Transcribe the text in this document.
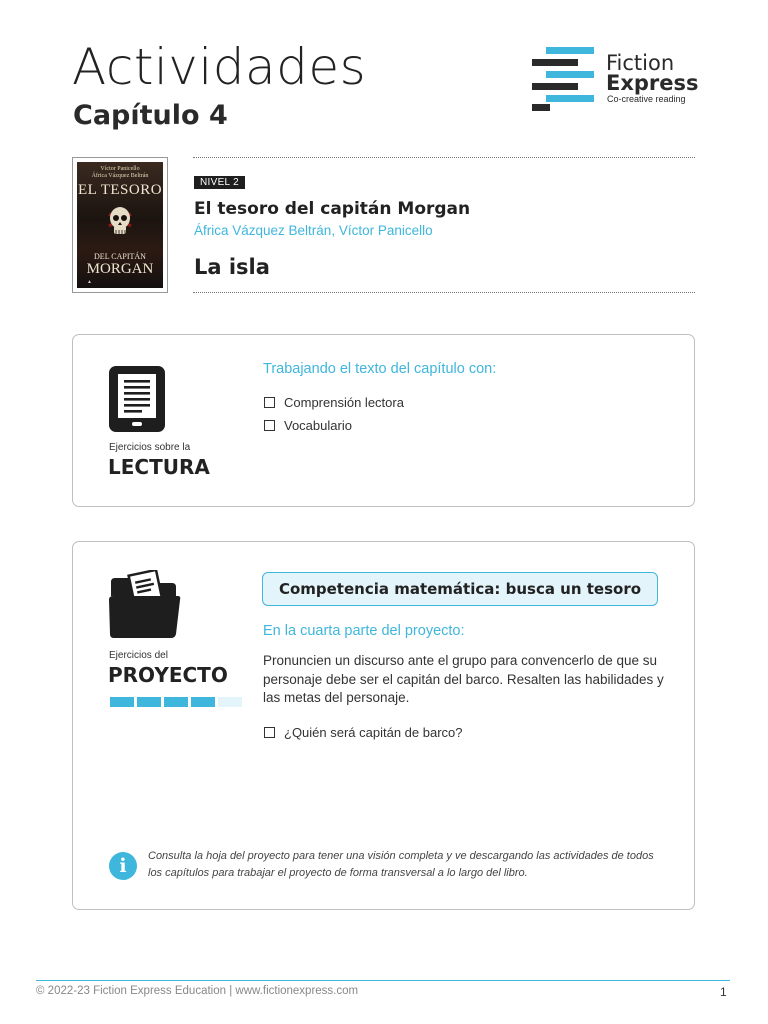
Actividades
Capítulo 4
Fiction
Express
Co-creative reading
Víctor Panicello
África Vázquez Beltrán
EL TESORO
DEL CAPITÁN
MORGAN
▲
NIVEL 2
El tesoro del capitán Morgan
África Vázquez Beltrán, Víctor Panicello
La isla
Ejercicios sobre la
LECTURA
Trabajando el texto del capítulo con:
Comprensión lectora
Vocabulario
Ejercicios del
PROYECTO
Competencia matemática: busca un tesoro
En la cuarta parte del proyecto:
Pronuncien un discurso ante el grupo para convencerlo de que su personaje debe ser el capitán del barco. Resalten las habilidades y las metas del personaje.
¿Quién será capitán de barco?
i	Consulta la hoja del proyecto para tener una visión completa y ve descargando las actividades de todos los capítulos para trabajar el proyecto de forma transversal a lo largo del libro.
© 2022-23 Fiction Express Education | www.fictionexpress.com	1
